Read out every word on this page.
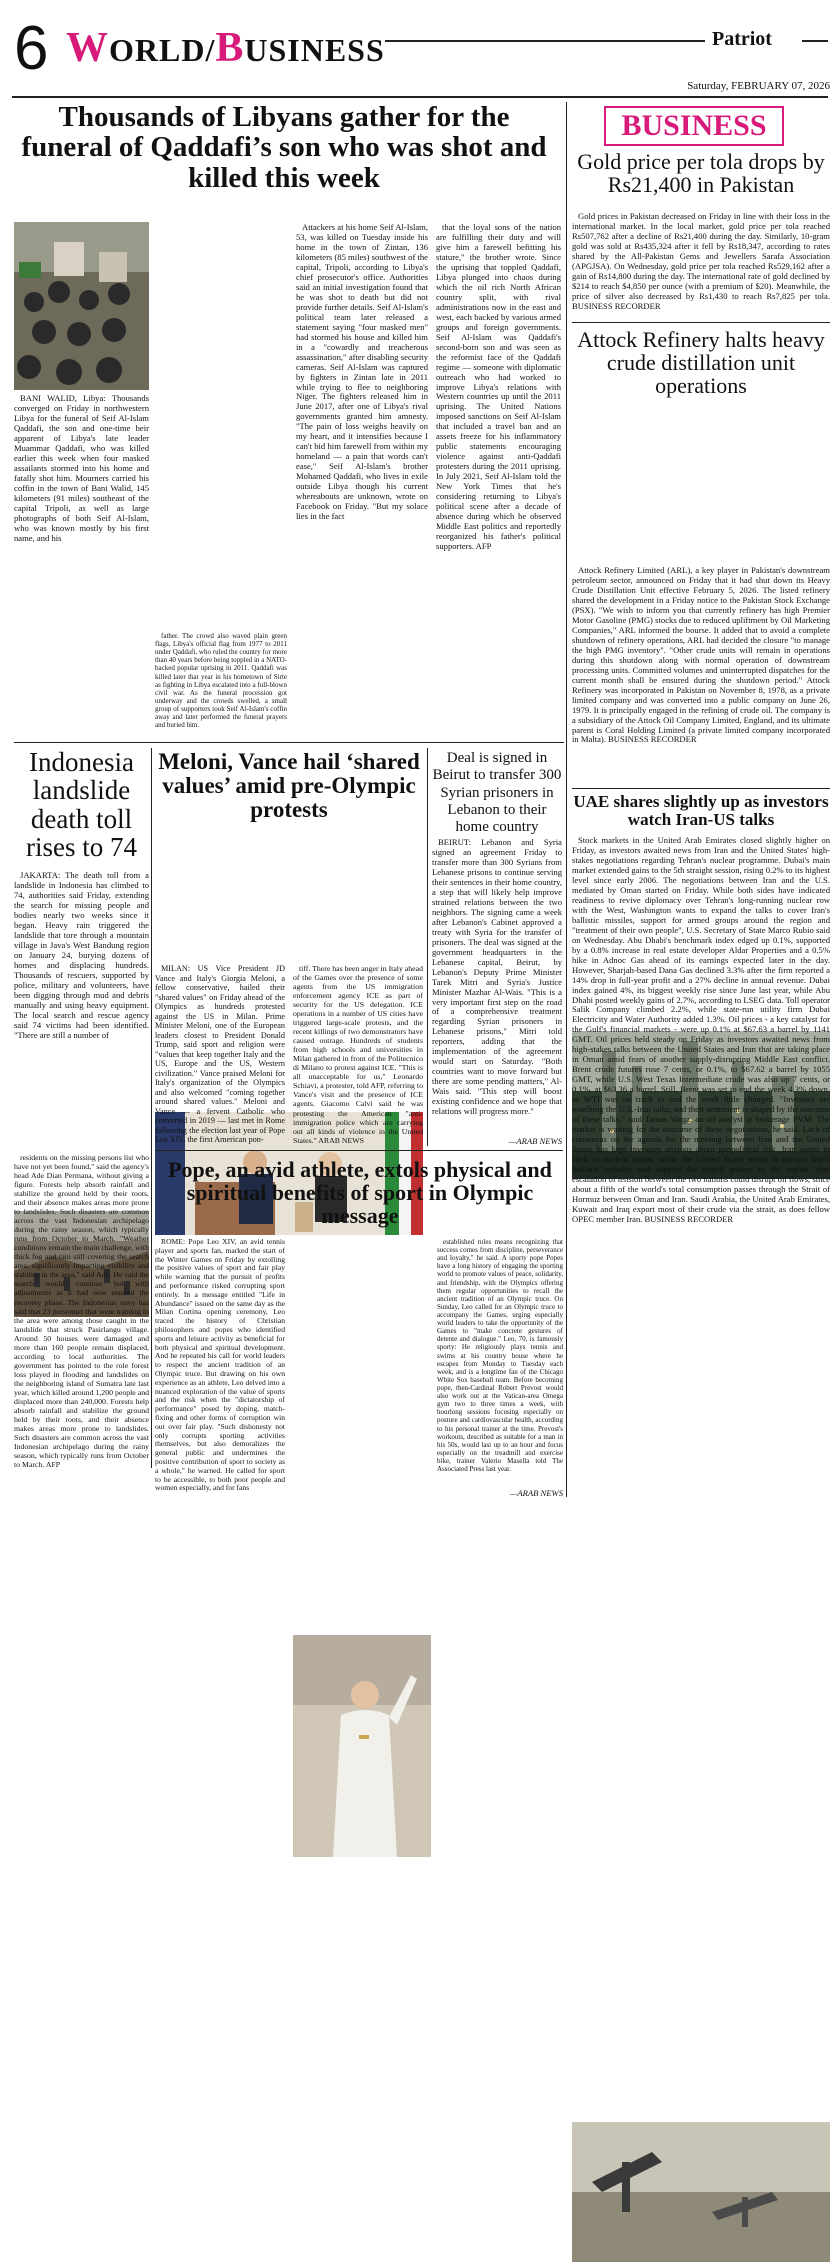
6 WORLD/BUSINESS	Patriot
Saturday, FEBRUARY 07, 2026
Thousands of Libyans gather for the funeral of Qaddafi’s son who was shot and killed this week
BANI WALID, Libya: Thousands converged on Friday in northwestern Libya for the funeral of Seif Al-Islam Qaddafi, the son and one-time heir apparent of Libya's late leader Muammar Qaddafi, who was killed earlier this week when four masked assailants stormed into his home and fatally shot him. Mourners carried his coffin in the town of Bani Walid, 145 kilometers (91 miles) southeast of the capital Tripoli, as well as large photographs of both Seif Al-Islam, who was known mostly by his first name, and his
father. The crowd also waved plain green flags, Libya's official flag from 1977 to 2011 under Qaddafi, who ruled the country for more than 40 years before being toppled in a NATO-backed popular uprising in 2011. Qaddafi was killed later that year in his hometown of Sirte as fighting in Libya escalated into a full-blown civil war. As the funeral procession got underway and the crowds swelled, a small group of supporters took Seif Al-Islam's coffin away and later performed the funeral prayers and buried him.
Attackers at his home Seif Al-Islam, 53, was killed on Tuesday inside his home in the town of Zintan, 136 kilometers (85 miles) southwest of the capital, Tripoli, according to Libya's chief prosecutor's office. Authorities said an initial investigation found that he was shot to death but did not provide further details. Seif Al-Islam's political team later released a statement saying "four masked men" had stormed his house and killed him in a "cowardly and treacherous assassination," after disabling security cameras. Seif Al-Islam was captured by fighters in Zintan late in 2011 while trying to flee to neighboring Niger. The fighters released him in June 2017, after one of Libya's rival governments granted him amnesty. "The pain of loss weighs heavily on my heart, and it intensifies because I can't bid him farewell from within my homeland — a pain that words can't ease," Seif Al-Islam's brother Mohamed Qaddafi, who lives in exile outside Libya though his current whereabouts are unknown, wrote on Facebook on Friday. "But my solace lies in the fact
that the loyal sons of the nation are fulfilling their duty and will give him a farewell befitting his stature," the brother wrote. Since the uprising that toppled Qaddafi, Libya plunged into chaos during which the oil rich North African country split, with rival administrations now in the east and west, each backed by various armed groups and foreign governments. Seif Al-Islam was Qaddafi's second-born son and was seen as the reformist face of the Qaddafi regime — someone with diplomatic outreach who had worked to improve Libya's relations with Western countries up until the 2011 uprising. The United Nations imposed sanctions on Seif Al-Islam that included a travel ban and an assets freeze for his inflammatory public statements encouraging violence against anti-Qaddafi protesters during the 2011 uprising. In July 2021, Seif Al-Islam told the New York Times that he's considering returning to Libya's political scene after a decade of absence during which he observed Middle East politics and reportedly reorganized his father's political supporters. AFP
Indonesia landslide death toll rises to 74
JAKARTA: The death toll from a landslide in Indonesia has climbed to 74, authorities said Friday, extending the search for missing people and bodies nearly two weeks since it began. Heavy rain triggered the landslide that tore through a mountain village in Java's West Bandung region on January 24, burying dozens of homes and displacing hundreds. Thousands of rescuers, supported by police, military and volunteers, have been digging through mud and debris manually and using heavy equipment. The local search and rescue agency said 74 victims had been identified. "There are still a number of
residents on the missing persons list who have not yet been found," said the agency's head Ade Dian Permana, without giving a figure. Forests help absorb rainfall and stabilize the ground held by their roots, and their absence makes areas more prone to landslides. Such disasters are common across the vast Indonesian archipelago during the rainy season, which typically runs from October to March. "Weather conditions remain the main challenge, with thick fog and rain still covering the search area, significantly impacting visibility and stability in the area," said Ade. He said the search would continue but with adjustments as it had now entered the recovery phase. The Indonesian navy has said that 23 personnel that were training in the area were among those caught in the landslide that struck Pasirlangu village. Around 50 houses were damaged and more than 160 people remain displaced, according to local authorities. The government has pointed to the role forest loss played in flooding and landslides on the neighboring island of Sumatra late last year, which killed around 1,200 people and displaced more than 240,000. Forests help absorb rainfall and stabilize the ground held by their roots, and their absence makes areas more prone to landslides. Such disasters are common across the vast Indonesian archipelago during the rainy season, which typically runs from October to March. AFP
Meloni, Vance hail ‘shared values’ amid pre-Olympic protests
MILAN: US Vice President JD Vance and Italy's Giorgia Meloni, a fellow conservative, hailed their "shared values" on Friday ahead of the Olympics as hundreds protested against the US in Milan. Prime Minister Meloni, one of the European leaders closest to President Donald Trump, said sport and religion were "values that keep together Italy and the US, Europe and the US, Western civilization." Vance praised Meloni for Italy's organization of the Olympics and also welcomed "coming together around shared values." Meloni and Vance — a fervent Catholic who converted in 2019 — last met in Rome following the election last year of Pope Leo XIV, the first American pon-
tiff. There has been anger in Italy ahead of the Games over the presence of some agents from the US immigration enforcement agency ICE as part of security for the US delegation. ICE operations in a number of US cities have triggered large-scale protests, and the recent killings of two demonstrators have caused outrage. Hundreds of students from high schools and universities in Milan gathered in front of the Politecnico di Milano to protest against ICE. "This is all unacceptable for us," Leonardo Schiavi, a protester, told AFP, referring to Vance's visit and the presence of ICE agents. Giacomo Calvi said he was protesting the American "anti-immigration police which are carrying out all kinds of violence in the United States." ARAB NEWS
Deal is signed in Beirut to transfer 300 Syrian prisoners in Lebanon to their home country
BEIRUT: Lebanon and Syria signed an agreement Friday to transfer more than 300 Syrians from Lebanese prisons to continue serving their sentences in their home country, a step that will likely help improve strained relations between the two neighbors. The signing came a week after Lebanon's Cabinet approved a treaty with Syria for the transfer of prisoners. The deal was signed at the government headquarters in the Lebanese capital, Beirut, by Lebanon's Deputy Prime Minister Tarek Mitri and Syria's Justice Minister Mazhar Al-Wais. "This is a very important first step on the road of a comprehensive treatment regarding Syrian prisoners in Lebanese prisons," Mitri told reporters, adding that the implementation of the agreement would start on Saturday. "Both countries want to move forward but there are some pending matters," Al-Wais said. "This step will boost existing confidence and we hope that relations will progress more."
—ARAB NEWS
Pope, an avid athlete, extols physical and spiritual benefits of sport in Olympic message
ROME: Pope Leo XIV, an avid tennis player and sports fan, marked the start of the Winter Games on Friday by extolling the positive values of sport and fair play while warning that the pursuit of profits and performance risked corrupting sport entirely. In a message entitled "Life in Abundance" issued on the same day as the Milan Cortina opening ceremony, Leo traced the history of Christian philosophers and popes who identified sports and leisure activity as beneficial for both physical and spiritual development. And he repeated his call for world leaders to respect the ancient tradition of an Olympic truce. But drawing on his own experience as an athlete, Leo delved into a nuanced exploration of the value of sports and the risk when the "dictatorship of performance" posed by doping, match-fixing and other forms of corruption win out over fair play. "Such dishonesty not only corrupts sporting activities themselves, but also demoralizes the general public and undermines the positive contribution of sport to society as a whole," he warned. He called for sport to be accessible, to both poor people and women especially, and for fans
established rules means recognizing that success comes from discipline, perseverance and loyalty," he said. A sporty pope Popes have a long history of engaging the sporting world to promote values of peace, solidarity, and friendship, with the Olympics offering them regular opportunities to recall the ancient tradition of an Olympic truce. On Sunday, Leo called for an Olympic truce to accompany the Games, urging especially world leaders to take the opportunity of the Games to "make concrete gestures of detente and dialogue." Leo, 70, is famously sporty: He religiously plays tennis and swims at his country house where he escapes from Monday to Tuesday each week, and is a longtime fan of the Chicago White Sox baseball team. Before becoming pope, then-Cardinal Robert Prevost would also work out at the Vatican-area Omega gym two to three times a week, with hourlong sessions focusing especially on posture and cardiovascular health, according to his personal trainer at the time. Prevost's workouts, described as suitable for a man in his 50s, would last up to an hour and focus especially on the treadmill and exercise bike, trainer Valerio Masella told The Associated Press last year.
—ARAB NEWS
BUSINESS
Gold price per tola drops by Rs21,400 in Pakistan
Gold prices in Pakistan decreased on Friday in line with their loss in the international market. In the local market, gold price per tola reached Rs507,762 after a decline of Rs21,400 during the day. Similarly, 10-gram gold was sold at Rs435,324 after it fell by Rs18,347, according to rates shared by the All-Pakistan Gems and Jewellers Sarafa Association (APGJSA). On Wednesday, gold price per tola reached Rs529,162 after a gain of Rs14,800 during the day. The international rate of gold declined by $214 to reach $4,850 per ounce (with a premium of $20). Meanwhile, the price of silver also decreased by Rs1,430 to reach Rs7,825 per tola. BUSINESS RECORDER
Attock Refinery halts heavy crude distillation unit operations
Attock Refinery Limited (ARL), a key player in Pakistan's downstream petroleum sector, announced on Friday that it had shut down its Heavy Crude Distillation Unit effective February 5, 2026. The listed refinery shared the development in a Friday notice to the Pakistan Stock Exchange (PSX). "We wish to inform you that currently refinery has high Premier Motor Gasoline (PMG) stocks due to reduced upliftment by Oil Marketing Companies," ARL informed the bourse. It added that to avoid a complete shutdown of refinery operations, ARL had decided the closure "to manage the high PMG inventory". "Other crude units will remain in operations during this shutdown along with normal operation of downstream processing units. Committed volumes and uninterrupted dispatches for the current month shall be ensured during the shutdown period." Attock Refinery was incorporated in Pakistan on November 8, 1978, as a private limited company and was converted into a public company on June 26, 1979. It is principally engaged in the refining of crude oil. The company is a subsidiary of the Attock Oil Company Limited, England, and its ultimate parent is Coral Holding Limited (a private limited company incorporated in Malta). BUSINESS RECORDER
UAE shares slightly up as investors watch Iran-US talks
Stock markets in the United Arab Emirates closed slightly higher on Friday, as investors awaited news from Iran and the United States' high-stakes negotiations regarding Tehran's nuclear programme. Dubai's main market extended gains to the 5th straight session, rising 0.2% to its highest level since early 2006. The negotiations between Iran and the U.S. mediated by Oman started on Friday. While both sides have indicated readiness to revive diplomacy over Tehran's long-running nuclear row with the West, Washington wants to expand the talks to cover Iran's ballistic missiles, support for armed groups around the region and "treatment of their own people", U.S. Secretary of State Marco Rubio said on Wednesday. Abu Dhabi's benchmark index edged up 0.1%, supported by a 0.8% increase in real estate developer Aldar Properties and a 0.5% hike in Adnoc Gas ahead of its earnings expected later in the day. However, Sharjah-based Dana Gas declined 3.3% after the firm reported a 14% drop in full-year profit and a 27% decline in annual revenue. Dubai index gained 4%, its biggest weekly rise since June last year, while Abu Dhabi posted weekly gains of 2.7%, according to LSEG data. Toll operator Salik Company climbed 2.2%, while state-run utility firm Dubai Electricity and Water Authority added 1.3%. Oil prices - a key catalyst for the Gulf's financial markets - were up 0.1% at $67.63 a barrel by 1141 GMT. Oil prices held steady on Friday as investors awaited news from high-stakes talks between the United States and Iran that are taking place in Oman amid fears of another supply-disrupting Middle East conflict. Brent crude futures rose 7 cents, or 0.1%, to $67.62 a barrel by 1055 GMT, while U.S. West Texas Intermediate crude was also up 7 cents, or 0.1%, at $63.36 a barrel. Still, Brent was set to end the week 4.3% down, as WTI was on track to end the week little changed. "Investors are watching the U.S.-Iran talks, and their sentiment is shaped by the outcome of these talks," said Tamas Varga, an oil analyst at brokerage PVM. The market is waiting for the outcome of these negotiations, he said. Lack of consensus on the agenda for the meeting between Iran and the United States has kept investors anxious about geopolitical risk. Iran wants to stick to nuclear issues, while the United States wants to discuss Iran's ballistic missiles and support for armed groups in the region. Any escalation of tension between the two nations could disrupt oil flows, since about a fifth of the world's total consumption passes through the Strait of Hormuz between Oman and Iran. Saudi Arabia, the United Arab Emirates, Kuwait and Iraq export most of their crude via the strait, as does fellow OPEC member Iran. BUSINESS RECORDER
